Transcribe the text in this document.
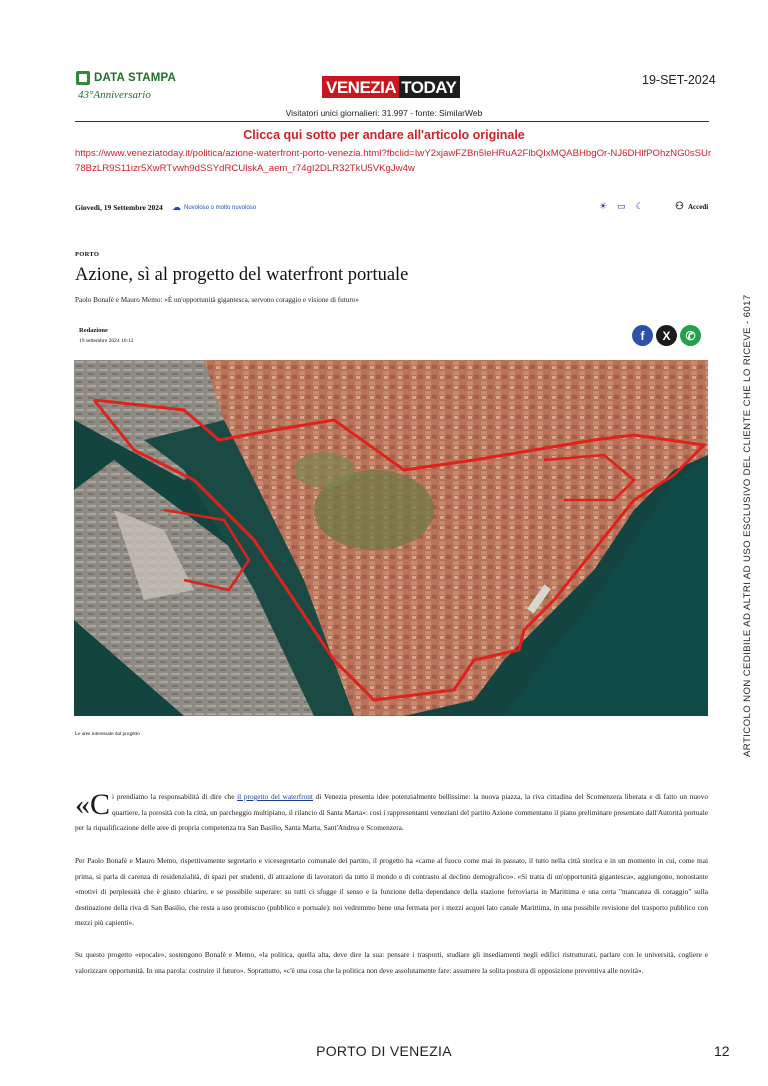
DATA STAMPA
43°Anniversario	VENEZIA TODAY	19-SET-2024
Visitatori unici giornalieri: 31.997 - fonte: SimilarWeb
Clicca qui sotto per andare all'articolo originale
https://www.veneziatoday.it/politica/azione-waterfront-porto-venezia.html?fbclid=IwY2xjawFZBn5leHRuA2FlbQIxMQABHbgOr-NJ6DHlfPOhzNG0sSUr78BzLR9S11izr5XwRTvwh9dSSYdRCUlskA_aem_r74gI2DLR32TkU5VKgJw4w
Giovedì, 19 Settembre 2024 ☁ Nuvoloso o molto nuvoloso	☀ ▭ ☾	⚇ Accedi
PORTO
Azione, sì al progetto del waterfront portuale
Paolo Bonafè e Mauro Memo: «È un'opportunità gigantesca, servono coraggio e visione di futuro»
Redazione
19 settembre 2024 10:12	f	X	✆
Le aree interessate dal progetto	ARTICOLO NON CEDIBILE AD ALTRI AD USO ESCLUSIVO DEL CLIENTE CHE LO RICEVE - 6017
«C i prendiamo la responsabilità di dire che il progetto del waterfront di Venezia presenta idee potenzialmente bellissime: la nuova piazza, la riva cittadina del Scomenzera liberata e di fatto un nuovo quartiere, la porosità con la città, un parcheggio multipiano, il rilancio di Santa Marta»: così i rappresentanti veneziani del partito Azione commentano il piano preliminare presentato dall'Autorità portuale per la riqualificazione delle aree di propria competenza tra San Basilio, Santa Marta, Sant'Andrea e Scomenzera.
Per Paolo Bonafè e Mauro Memo, rispettivamente segretario e vicesegretario comunale del partito, il progetto ha «carne al fuoco come mai in passato, il tutto nella città storica e in un momento in cui, come mai prima, si parla di carenza di residenzialità, di spazi per studenti, di attrazione di lavoratori da tutto il mondo e di contrasto al declino demografico». «Si tratta di un'opportunità gigantesca», aggiungono, nonostante «motivi di perplessità che è giusto chiarire, e se possibile superare: su tutti ci sfugge il senso e la funzione della dependance della stazione ferroviaria in Marittima e una certa "mancanza di coraggio" sulla destinazione della riva di San Basilio, che resta a uso promiscuo (pubblico e portuale): noi vedremmo bene una fermata per i mezzi acquei lato canale Marittima, in una possibile revisione del trasporto pubblico con mezzi più capienti».
Su questo progetto «epocale», sostengono Bonafè e Memo, «la politica, quella alta, deve dire la sua: pensare i trasporti, studiare gli insediamenti negli edifici ristrutturati, parlare con le università, cogliere e valorizzare opportunità. In una parola: costruire il futuro». Soprattutto, «c'è una cosa che la politica non deve assolutamente fare: assumere la solita postura di opposizione preventiva alle novità».
PORTO DI VENEZIA	12
